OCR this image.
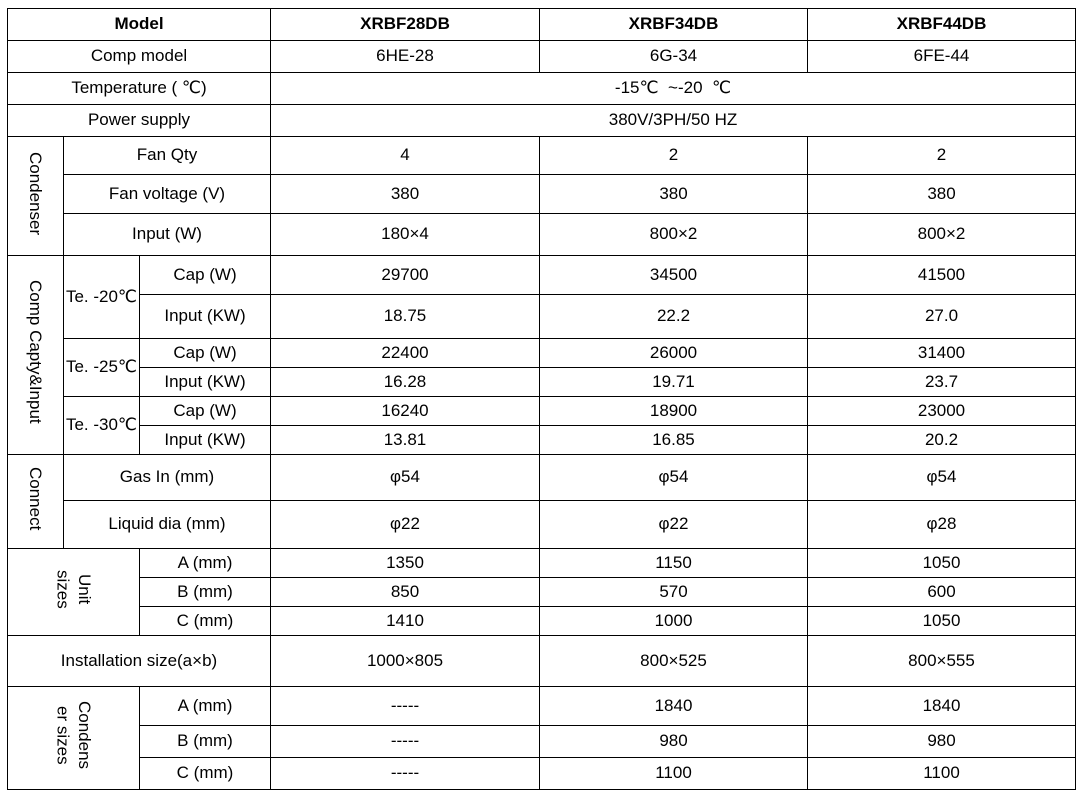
Model			XRBF28DB	XRBF34DB	XRBF44DB
Comp model			6HE-28	6G-34	6FE-44
Temperature ( ℃)			-15℃  ~-20  ℃		
Power supply			380V/3PH/50 HZ		
Condenser	Fan Qty		4	2	2
	Fan voltage (V)		380	380	380
	Input (W)		180×4	800×2	800×2
Comp Capty&Input	Te. -20℃	Cap (W)	29700	34500	41500
		Input (KW)	18.75	22.2	27.0
	Te. -25℃	Cap (W)	22400	26000	31400
		Input (KW)	16.28	19.71	23.7
	Te. -30℃	Cap (W)	16240	18900	23000
		Input (KW)	13.81	16.85	20.2
Connect	Gas In (mm)		φ54	φ54	φ54
	Liquid dia (mm)		φ22	φ22	φ28
Unit
sizes		A (mm)	1350	1150	1050
		B (mm)	850	570	600
		C (mm)	1410	1000	1050
Installation size(a×b)			1000×805	800×525	800×555
Condens
er sizes		A (mm)	-----	1840	1840
		B (mm)	-----	980	980
		C (mm)	-----	1100	1100
